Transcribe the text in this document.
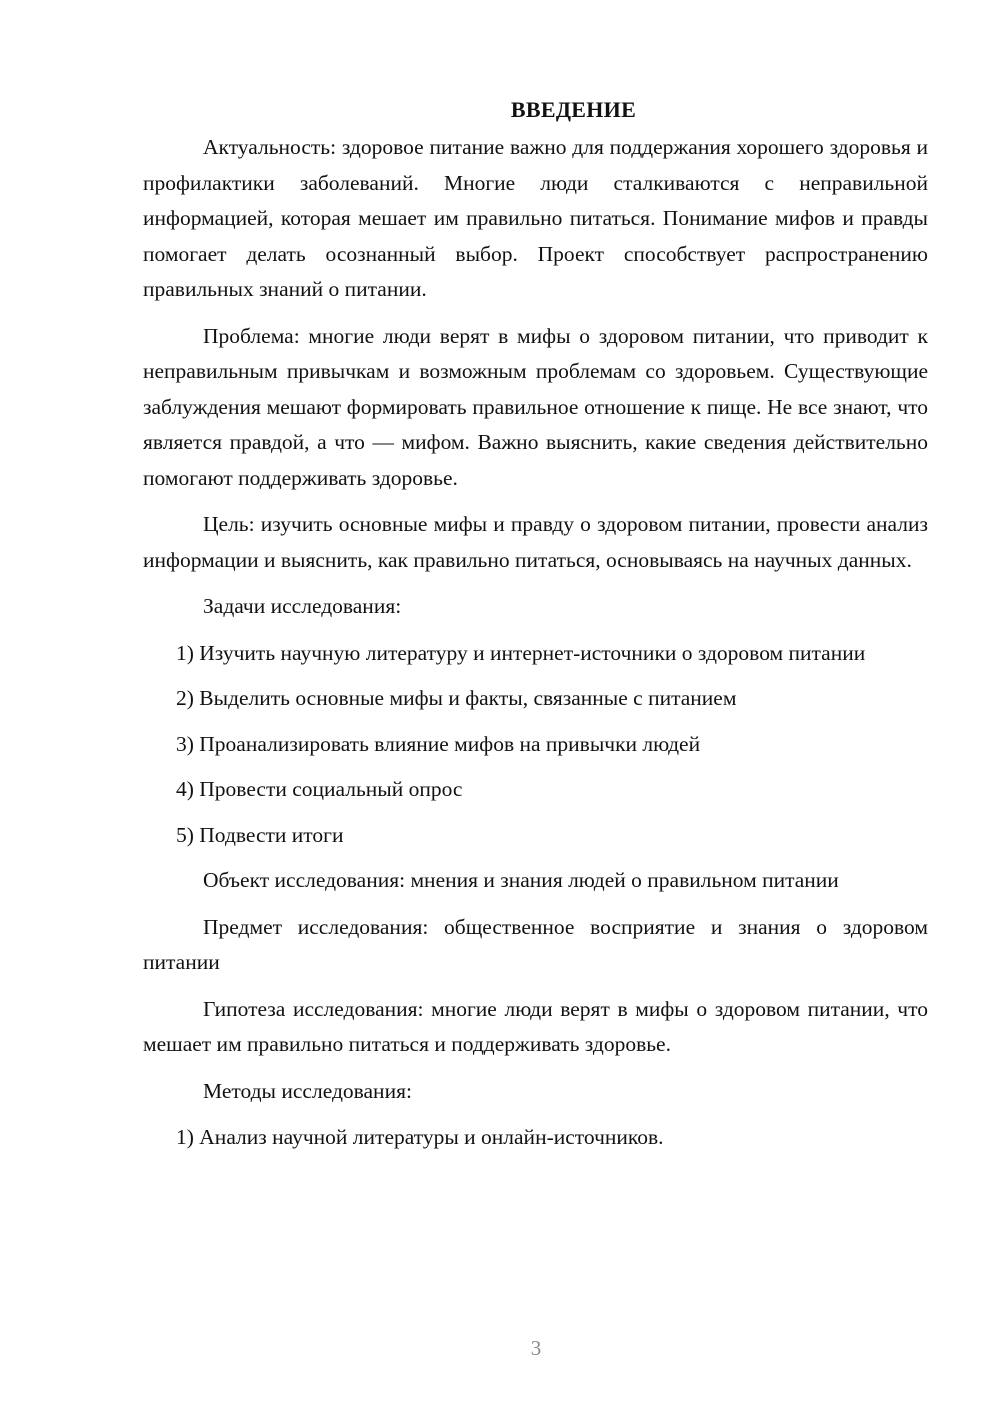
ВВЕДЕНИЕ

Актуальность: здоровое питание важно для поддержания хорошего здоровья и профилактики заболеваний. Многие люди сталкиваются с неправильной информацией, которая мешает им правильно питаться. Понимание мифов и правды помогает делать осознанный выбор. Проект способствует распространению правильных знаний о питании.

Проблема: многие люди верят в мифы о здоровом питании, что приводит к неправильным привычкам и возможным проблемам со здоровьем. Существующие заблуждения мешают формировать правильное отношение к пище. Не все знают, что является правдой, а что — мифом. Важно выяснить, какие сведения действительно помогают поддерживать здоровье.

Цель: изучить основные мифы и правду о здоровом питании, провести анализ информации и выяснить, как правильно питаться, основываясь на научных данных.

Задачи исследования:

1) Изучить научную литературу и интернет-источники о здоровом питании

2) Выделить основные мифы и факты, связанные с питанием

3) Проанализировать влияние мифов на привычки людей

4) Провести социальный опрос

5) Подвести итоги

Объект исследования: мнения и знания людей о правильном питании

Предмет исследования: общественное восприятие и знания о здоровом питании

Гипотеза исследования: многие люди верят в мифы о здоровом питании, что мешает им правильно питаться и поддерживать здоровье.

Методы исследования:

1) Анализ научной литературы и онлайн-источников.

3
